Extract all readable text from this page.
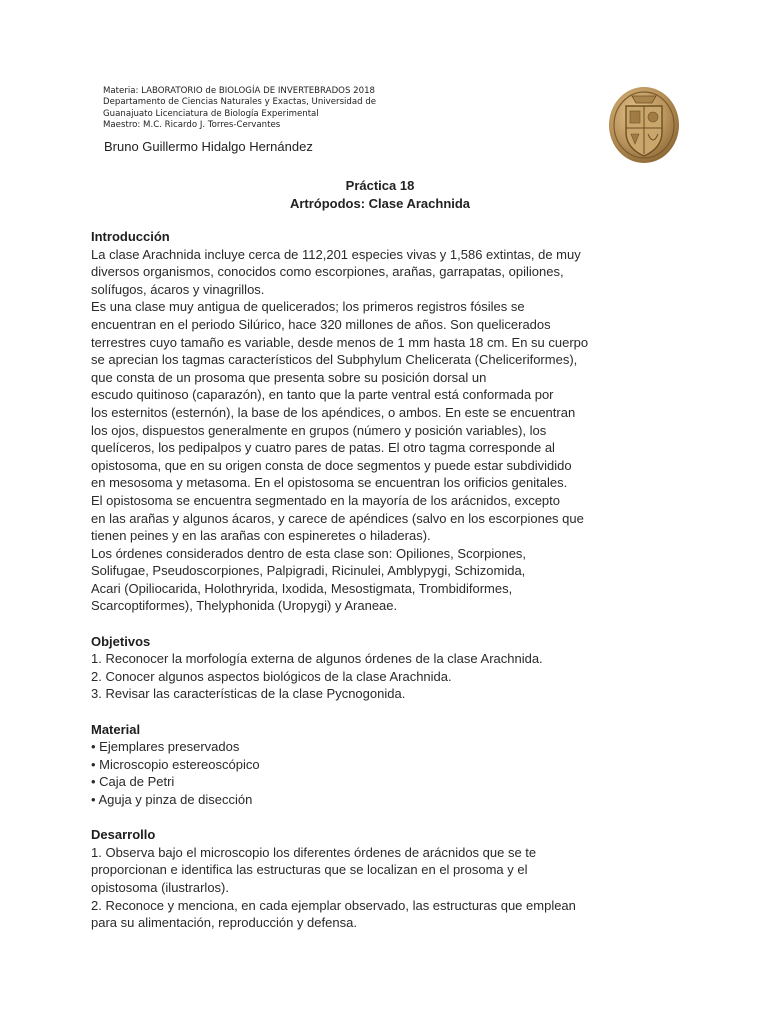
Materia: LABORATORIO de BIOLOGÍA DE INVERTEBRADOS 2018
Departamento de Ciencias Naturales y Exactas, Universidad de
Guanajuato Licenciatura de Biología Experimental
Maestro: M.C. Ricardo J. Torres-Cervantes
Bruno Guillermo Hidalgo Hernández
Práctica 18
Artrópodos: Clase Arachnida
Introducción
La clase Arachnida incluye cerca de 112,201 especies vivas y 1,586 extintas, de muy
diversos organismos, conocidos como escorpiones, arañas, garrapatas, opiliones,
solífugos, ácaros y vinagrillos.
Es una clase muy antigua de quelicerados; los primeros registros fósiles se
encuentran en el periodo Silúrico, hace 320 millones de años. Son quelicerados
terrestres cuyo tamaño es variable, desde menos de 1 mm hasta 18 cm. En su cuerpo
se aprecian los tagmas característicos del Subphylum Chelicerata (Cheliceriformes),
que consta de un prosoma que presenta sobre su posición dorsal un
escudo quitinoso (caparazón), en tanto que la parte ventral está conformada por
los esternitos (esternón), la base de los apéndices, o ambos. En este se encuentran
los ojos, dispuestos generalmente en grupos (número y posición variables), los
quelíceros, los pedipalpos y cuatro pares de patas. El otro tagma corresponde al
opistosoma, que en su origen consta de doce segmentos y puede estar subdividido
en mesosoma y metasoma. En el opistosoma se encuentran los orificios genitales.
El opistosoma se encuentra segmentado en la mayoría de los arácnidos, excepto
en las arañas y algunos ácaros, y carece de apéndices (salvo en los escorpiones que
tienen peines y en las arañas con espineretes o hiladeras).
Los órdenes considerados dentro de esta clase son: Opiliones, Scorpiones,
Solifugae, Pseudoscorpiones, Palpigradi, Ricinulei, Amblypygi, Schizomida,
Acari (Opiliocarida, Holothryrida, Ixodida, Mesostigmata, Trombidiformes,
Scarcoptiformes), Thelyphonida (Uropygi) y Araneae.
Objetivos
1. Reconocer la morfología externa de algunos órdenes de la clase Arachnida.
2. Conocer algunos aspectos biológicos de la clase Arachnida.
3. Revisar las características de la clase Pycnogonida.
Material
• Ejemplares preservados
• Microscopio estereoscópico
• Caja de Petri
• Aguja y pinza de disección
Desarrollo
1. Observa bajo el microscopio los diferentes órdenes de arácnidos que se te
proporcionan e identifica las estructuras que se localizan en el prosoma y el
opistosoma (ilustrarlos).
2. Reconoce y menciona, en cada ejemplar observado, las estructuras que emplean
para su alimentación, reproducción y defensa.
